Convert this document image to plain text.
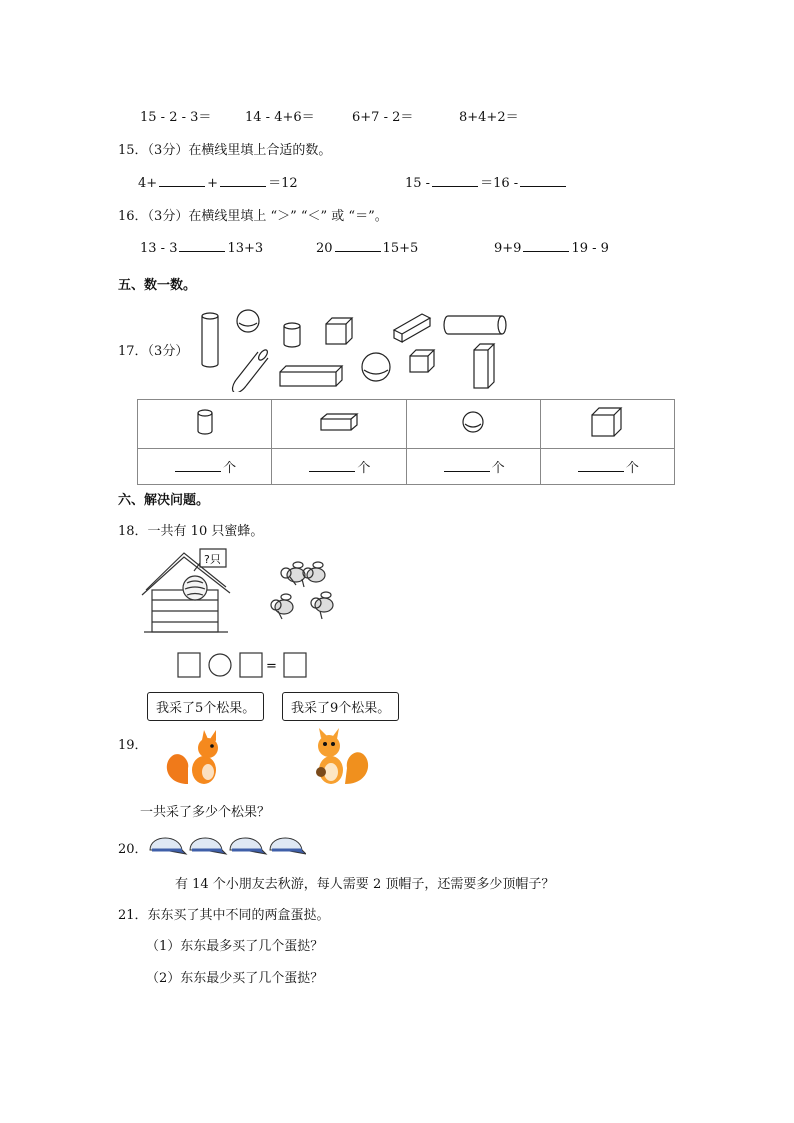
15 - 2 - 3＝	14 - 4+6＝	6+7 - 2＝	8+4+2＝
15．（3分）在横线里填上合适的数。
4+	+	＝12	15 -	＝16 -
16．（3分）在横线里填上 “＞” “＜” 或 “＝”。
13 - 3	13+3	20	15+5	9+9	19 - 9
五、数一数。
17．（3分）

个	个	个	个
六、解决问题。
18．一共有 10 只蜜蜂。
?只
=
我采了5个松果。	我采了9个松果。
19．
一共采了多少个松果？
20．
有 14 个小朋友去秋游，每人需要 2 顶帽子，还需要多少顶帽子？
21．东东买了其中不同的两盒蛋挞。
（1）东东最多买了几个蛋挞？
（2）东东最少买了几个蛋挞？
